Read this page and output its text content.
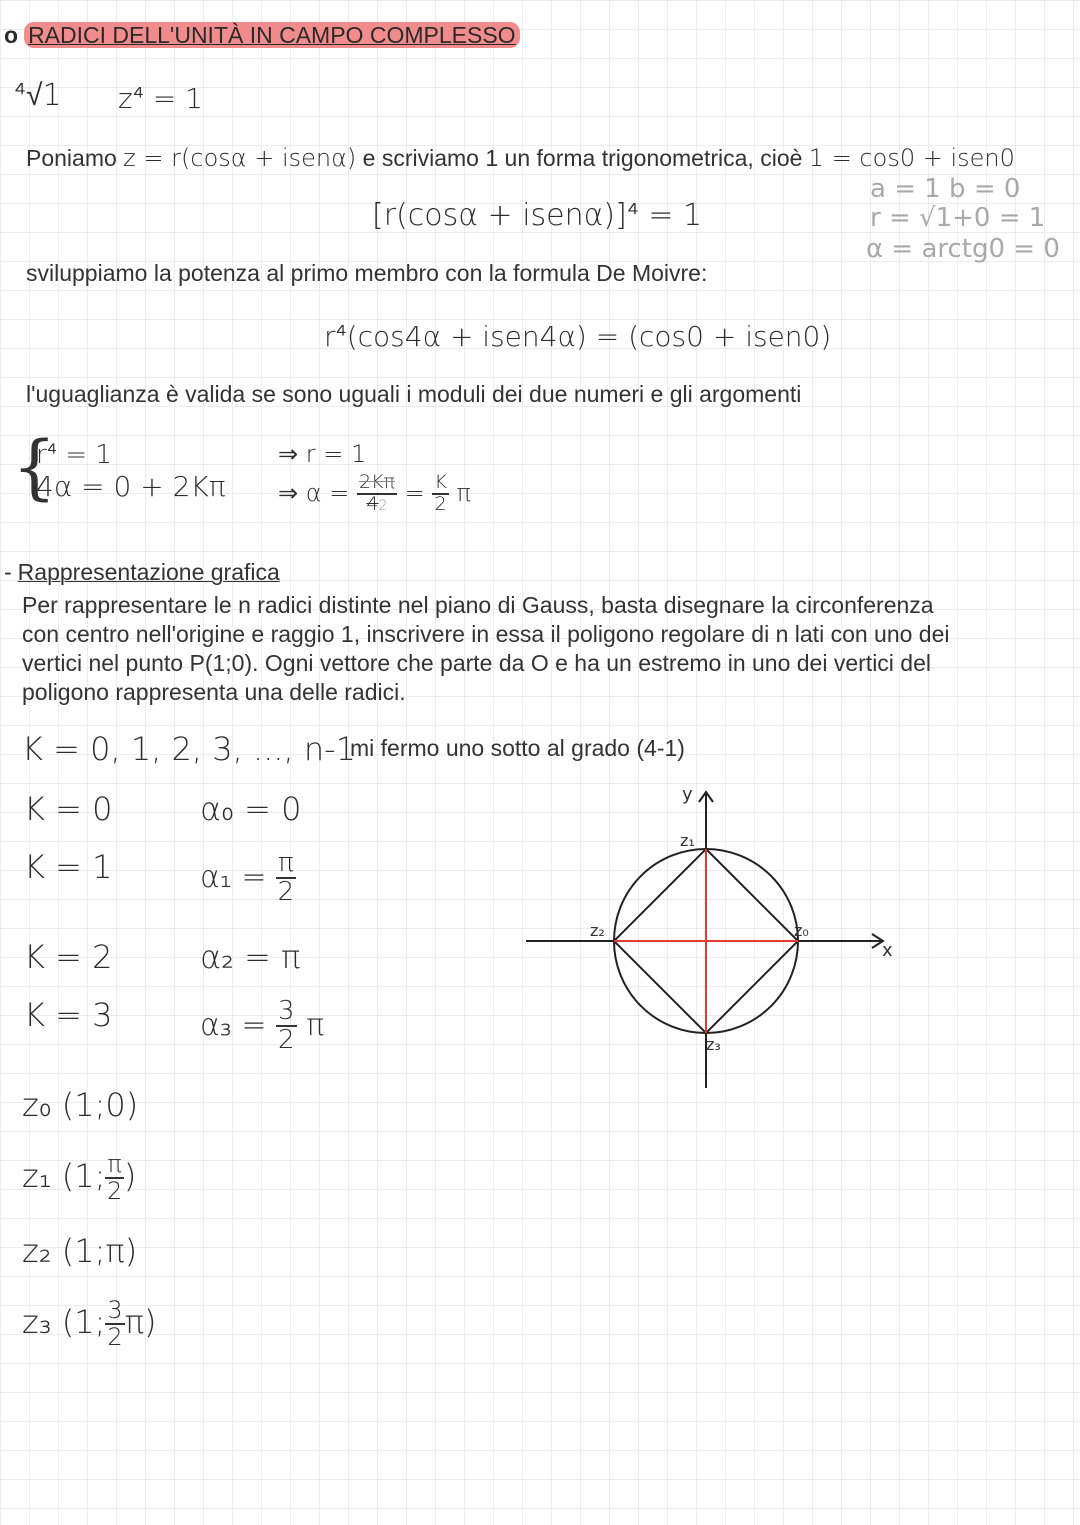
o RADICI DELL'UNITÀ IN CAMPO COMPLESSO
⁴√1 z⁴ = 1
Poniamo z = r(cosα + isenα) e scriviamo 1 un forma trigonometrica, cioè 1 = cos0 + isen0
a = 1 b = 0
r = √1+0 = 1
α = arctg0 = 0
[r(cosα + isenα)]⁴ = 1
sviluppiamo la potenza al primo membro con la formula De Moivre:
r⁴(cos4α + isen4α) = (cos0 + isen0)
l'uguaglianza è valida se sono uguali i moduli dei due numeri e gli argomenti
{
r⁴ = 1
4α = 0 + 2Kπ
⇒ r = 1
⇒ $\alpha = \frac{2K\pi}{42} = \frac{K}{2}$ π
- Rappresentazione grafica
Per rappresentare le n radici distinte nel piano di Gauss, basta disegnare la circonferenza
con centro nell'origine e raggio 1, inscrivere in essa il poligono regolare di n lati con uno dei
vertici nel punto P(1;0). Ogni vettore che parte da O e ha un estremo in uno dei vertici del
poligono rappresenta una delle radici.
K = 0, 1, 2, 3, ..., n-1
mi fermo uno sotto al grado (4-1)
K = 0	α₀ = 0
K = 1	$\alpha_1 = \frac{\pi}{2}$
K = 2	α₂ = π
K = 3	$\alpha_3 = \frac{3}{2}$ π
z₀ (1;0)
z₁ (1; $\frac{\pi}{2}$ )
z₂ (1;π)
z₃ (1; $\frac{3}{2} \pi$)
y
x
z₁
z₂	z₀
z₃
